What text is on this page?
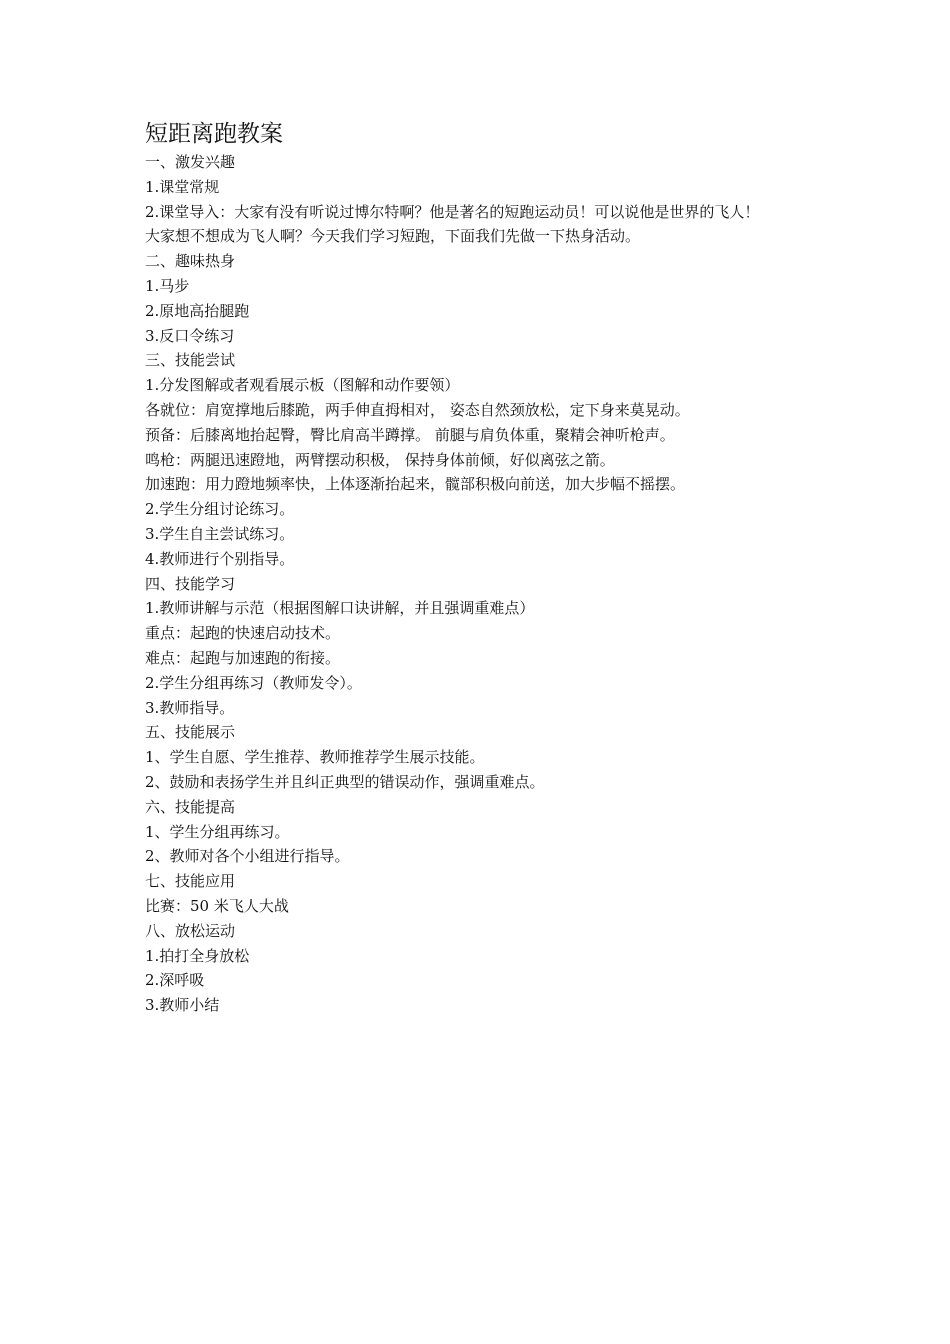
短距离跑教案
一、激发兴趣
1.课堂常规
2.课堂导入：大家有没有听说过博尔特啊？他是著名的短跑运动员！可以说他是世界的飞人！
大家想不想成为飞人啊？今天我们学习短跑，下面我们先做一下热身活动。
二、趣味热身
1.马步
2.原地高抬腿跑
3.反口令练习
三、技能尝试
1.分发图解或者观看展示板（图解和动作要领）
各就位：肩宽撑地后膝跪，两手伸直拇相对， 姿态自然颈放松，定下身来莫晃动。
预备：后膝离地抬起臀，臀比肩高半蹲撑。 前腿与肩负体重，聚精会神听枪声。
鸣枪：两腿迅速蹬地，两臂摆动积极， 保持身体前倾，好似离弦之箭。
加速跑：用力蹬地频率快，上体逐渐抬起来，髋部积极向前送，加大步幅不摇摆。
2.学生分组讨论练习。
3.学生自主尝试练习。
4.教师进行个别指导。
四、技能学习
1.教师讲解与示范（根据图解口诀讲解，并且强调重难点）
重点：起跑的快速启动技术。
难点：起跑与加速跑的衔接。
2.学生分组再练习（教师发令）。
3.教师指导。
五、技能展示
1、学生自愿、学生推荐、教师推荐学生展示技能。
2、鼓励和表扬学生并且纠正典型的错误动作，强调重难点。
六、技能提高
1、学生分组再练习。
2、教师对各个小组进行指导。
七、技能应用
比赛：50 米飞人大战
八、放松运动
1.拍打全身放松
2.深呼吸
3.教师小结
